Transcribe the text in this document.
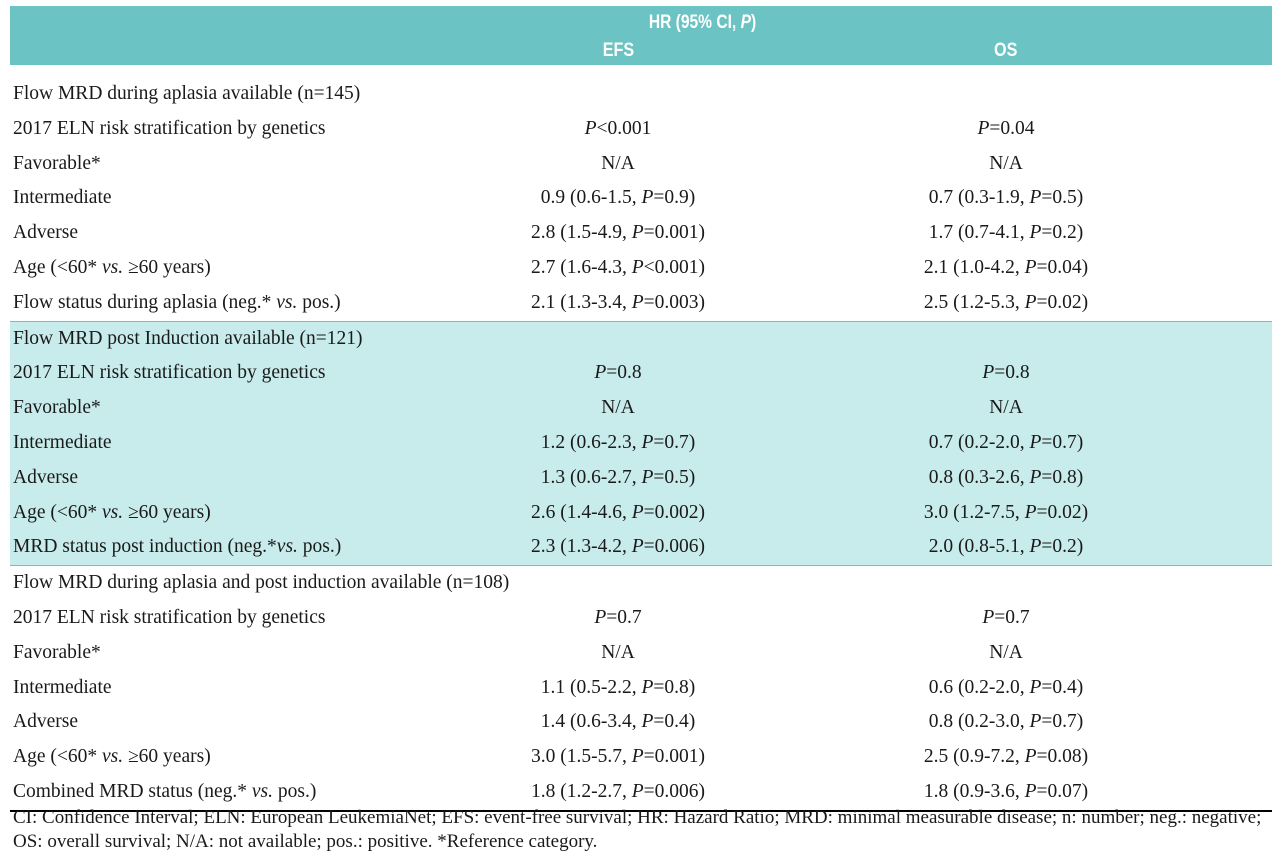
HR (95% CI, P)
EFS	OS
Flow MRD during aplasia available (n=145)
2017 ELN risk stratification by genetics	P<0.001	P=0.04
Favorable*	N/A	N/A
Intermediate	0.9 (0.6-1.5, P=0.9)	0.7 (0.3-1.9, P=0.5)
Adverse	2.8 (1.5-4.9, P=0.001)	1.7 (0.7-4.1, P=0.2)
Age (<60* vs. ≥60 years)	2.7 (1.6-4.3, P<0.001)	2.1 (1.0-4.2, P=0.04)
Flow status during aplasia (neg.* vs. pos.)	2.1 (1.3-3.4, P=0.003)	2.5 (1.2-5.3, P=0.02)
Flow MRD post Induction available (n=121)
2017 ELN risk stratification by genetics	P=0.8	P=0.8
Favorable*	N/A	N/A
Intermediate	1.2 (0.6-2.3, P=0.7)	0.7 (0.2-2.0, P=0.7)
Adverse	1.3 (0.6-2.7, P=0.5)	0.8 (0.3-2.6, P=0.8)
Age (<60* vs. ≥60 years)	2.6 (1.4-4.6, P=0.002)	3.0 (1.2-7.5, P=0.02)
MRD status post induction (neg.*vs. pos.)	2.3 (1.3-4.2, P=0.006)	2.0 (0.8-5.1, P=0.2)
Flow MRD during aplasia and post induction available (n=108)
2017 ELN risk stratification by genetics	P=0.7	P=0.7
Favorable*	N/A	N/A
Intermediate	1.1 (0.5-2.2, P=0.8)	0.6 (0.2-2.0, P=0.4)
Adverse	1.4 (0.6-3.4, P=0.4)	0.8 (0.2-3.0, P=0.7)
Age (<60* vs. ≥60 years)	3.0 (1.5-5.7, P=0.001)	2.5 (0.9-7.2, P=0.08)
Combined MRD status (neg.* vs. pos.)	1.8 (1.2-2.7, P=0.006)	1.8 (0.9-3.6, P=0.07)
CI: Confidence Interval; ELN: European LeukemiaNet; EFS: event-free survival; HR: Hazard Ratio; MRD: minimal measurable disease; n: number; neg.: negative; OS: overall survival; N/A: not available; pos.: positive. *Reference category.
